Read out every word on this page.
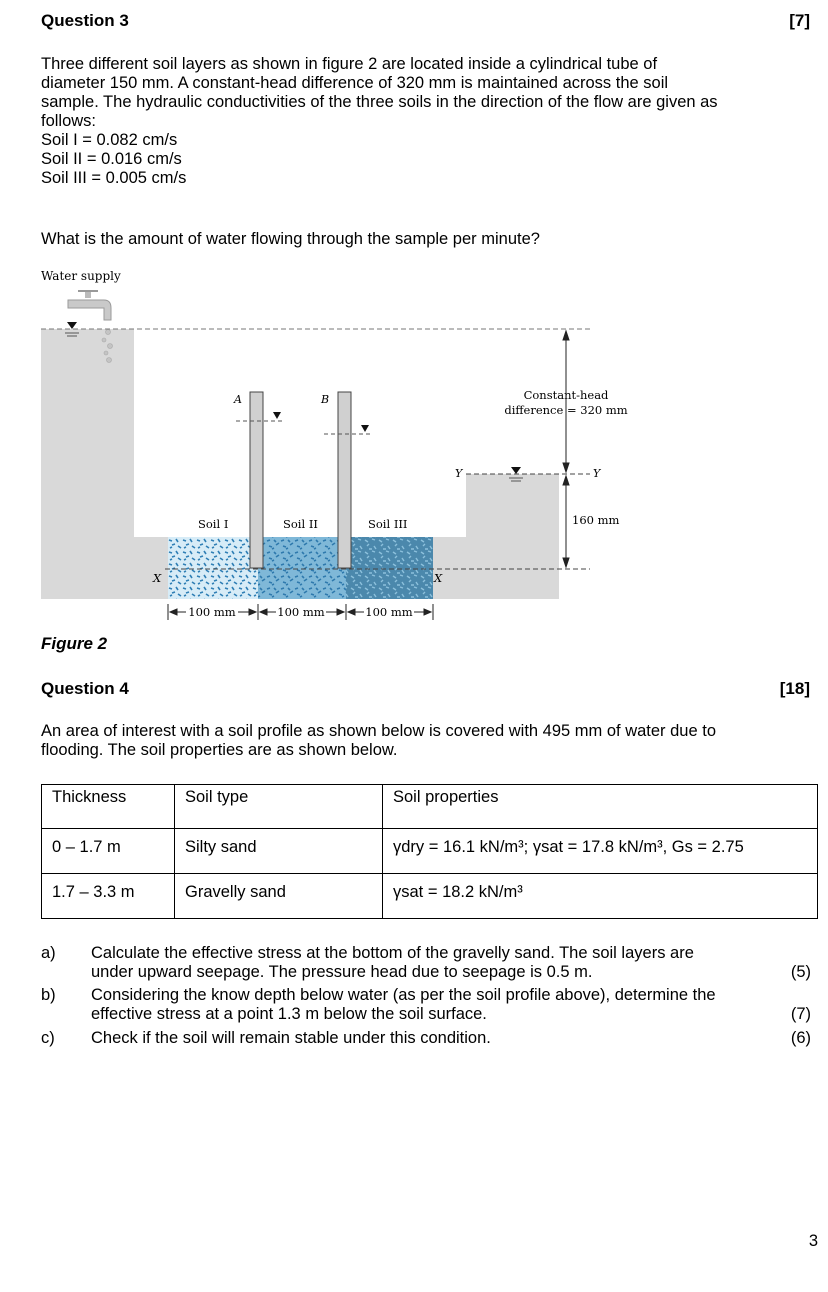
Question 3	[7]
Three different soil layers as shown in figure 2 are located inside a cylindrical tube of
diameter 150 mm. A constant-head difference of 320 mm is maintained across the soil
sample. The hydraulic conductivities of the three soils in the direction of the flow are given as
follows:
Soil I = 0.082 cm/s
Soil II = 0.016 cm/s
Soil III = 0.005 cm/s
What is the amount of water flowing through the sample per minute?
Water supply
A	B
Soil I	Soil II	Soil III
X	X
Y	Y
Constant-head
difference = 320 mm
160 mm
100 mm	100 mm	100 mm
Figure 2
Question 4	[18]
An area of interest with a soil profile as shown below is covered with 495 mm of water due to
flooding. The soil properties are as shown below.
Thickness	Soil type	Soil properties
0 – 1.7 m	Silty sand	γdry = 16.1 kN/m³; γsat = 17.8 kN/m³, Gs = 2.75
1.7 – 3.3 m	Gravelly sand	γsat = 18.2 kN/m³
a) Calculate the effective stress at the bottom of the gravelly sand. The soil layers are
under upward seepage. The pressure head due to seepage is 0.5 m.	(5)
b) Considering the know depth below water (as per the soil profile above), determine the
effective stress at a point 1.3 m below the soil surface.	(7)
c) Check if the soil will remain stable under this condition.	(6)
3
